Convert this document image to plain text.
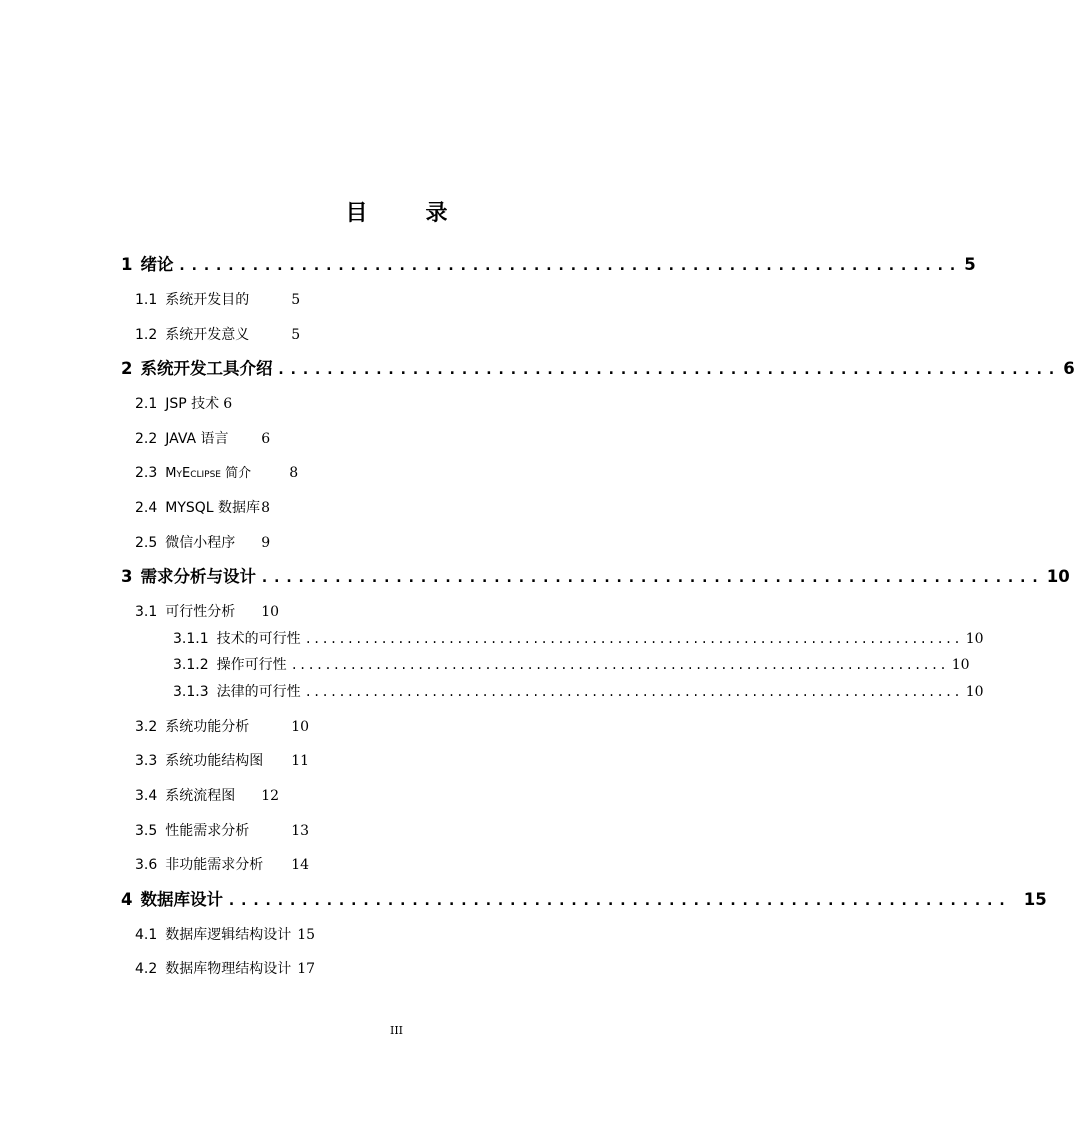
目　录
1 绪论 ................................................................ 5
1.1 系统开发目的	5
1.2 系统开发意义	5
2 系统开发工具介绍 ................................................................ 6
2.1 JSP 技术 6
2.2 JAVA 语言	6
2.3 MyEclipse 简介	8
2.4 MYSQL 数据库 8
2.5 微信小程序	9
3 需求分析与设计 ................................................................ 10
3.1 可行性分析	10
3.1.1 技术的可行性 .............................................................................. 10
3.1.2 操作可行性 .............................................................................. 10
3.1.3 法律的可行性 .............................................................................. 10
3.2 系统功能分析	10
3.3 系统功能结构图	11
3.4 系统流程图	12
3.5 性能需求分析	13
3.6 非功能需求分析	14
4 数据库设计 ................................................................ 15
4.1 数据库逻辑结构设计 15
4.2 数据库物理结构设计 17
III
